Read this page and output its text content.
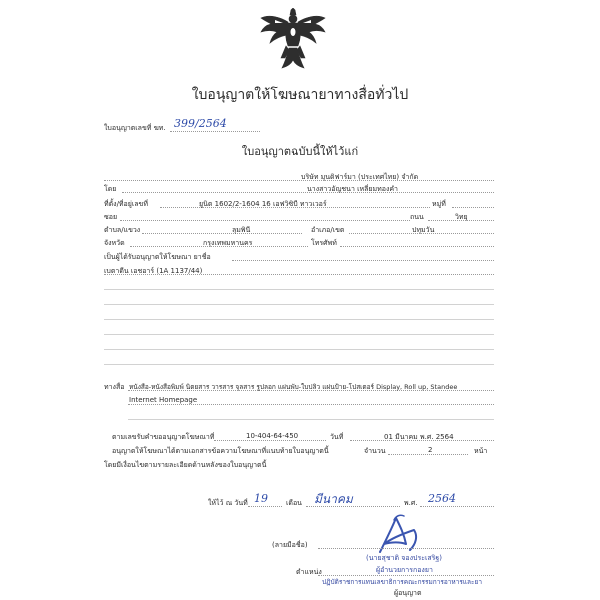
ใบอนุญาตให้โฆษณายาทางสื่อทั่วไป
ใบอนุญาตเลขที่ ฆท. 399/2564
ใบอนุญาตฉบับนี้ให้ไว้แก่
บริษัท มุนดิฟาร์มา (ประเทศไทย) จำกัด
โดย	นางสาวอัญชนา เหลี่ยมทองคำ
ที่ตั้ง/ที่อยู่เลขที่	ยูนิต 1602/2-1604 16 เอฟวิซิบี ทาวเวอร์	หมู่ที่
ซอย	ถนน	วิทยุ
ตำบล/แขวง	ลุมพินี	อำเภอ/เขต	ปทุมวัน
จังหวัด	กรุงเทพมหานคร	โทรศัพท์
เป็นผู้ได้รับอนุญาตให้โฆษณา ยาชื่อ
เบตาดีน เอชอาร์ (1A 1137/44)
ทางสื่อ หนังสือ-หนังสือพิมพ์ นิตยสาร วารสาร จุลสาร รูปลอก แผ่นพับ-ใบปลิว แผ่นป้าย-โปสเตอร์ Display, Roll up, Standee
Internet Homepage
ตามเลขรับคำขออนุญาตโฆษณาที่	10-404-64-450	วันที่	01 มีนาคม พ.ศ. 2564
อนุญาตให้โฆษณาได้ตามเอกสารข้อความโฆษณาที่แนบท้ายใบอนุญาตนี้	จำนวน	2	หน้า
โดยมีเงื่อนไขตามรายละเอียดด้านหลังของใบอนุญาตนี้
ให้ไว้ ณ วันที่ 19	เดือน มีนาคม	พ.ศ. 2564
(ลายมือชื่อ)
(นายสุชาติ จองประเสริฐ)
ผู้อำนวยการกองยา
ตำแหน่ง
ปฏิบัติราชการแทนเลขาธิการคณะกรรมการอาหารและยา
ผู้อนุญาต
